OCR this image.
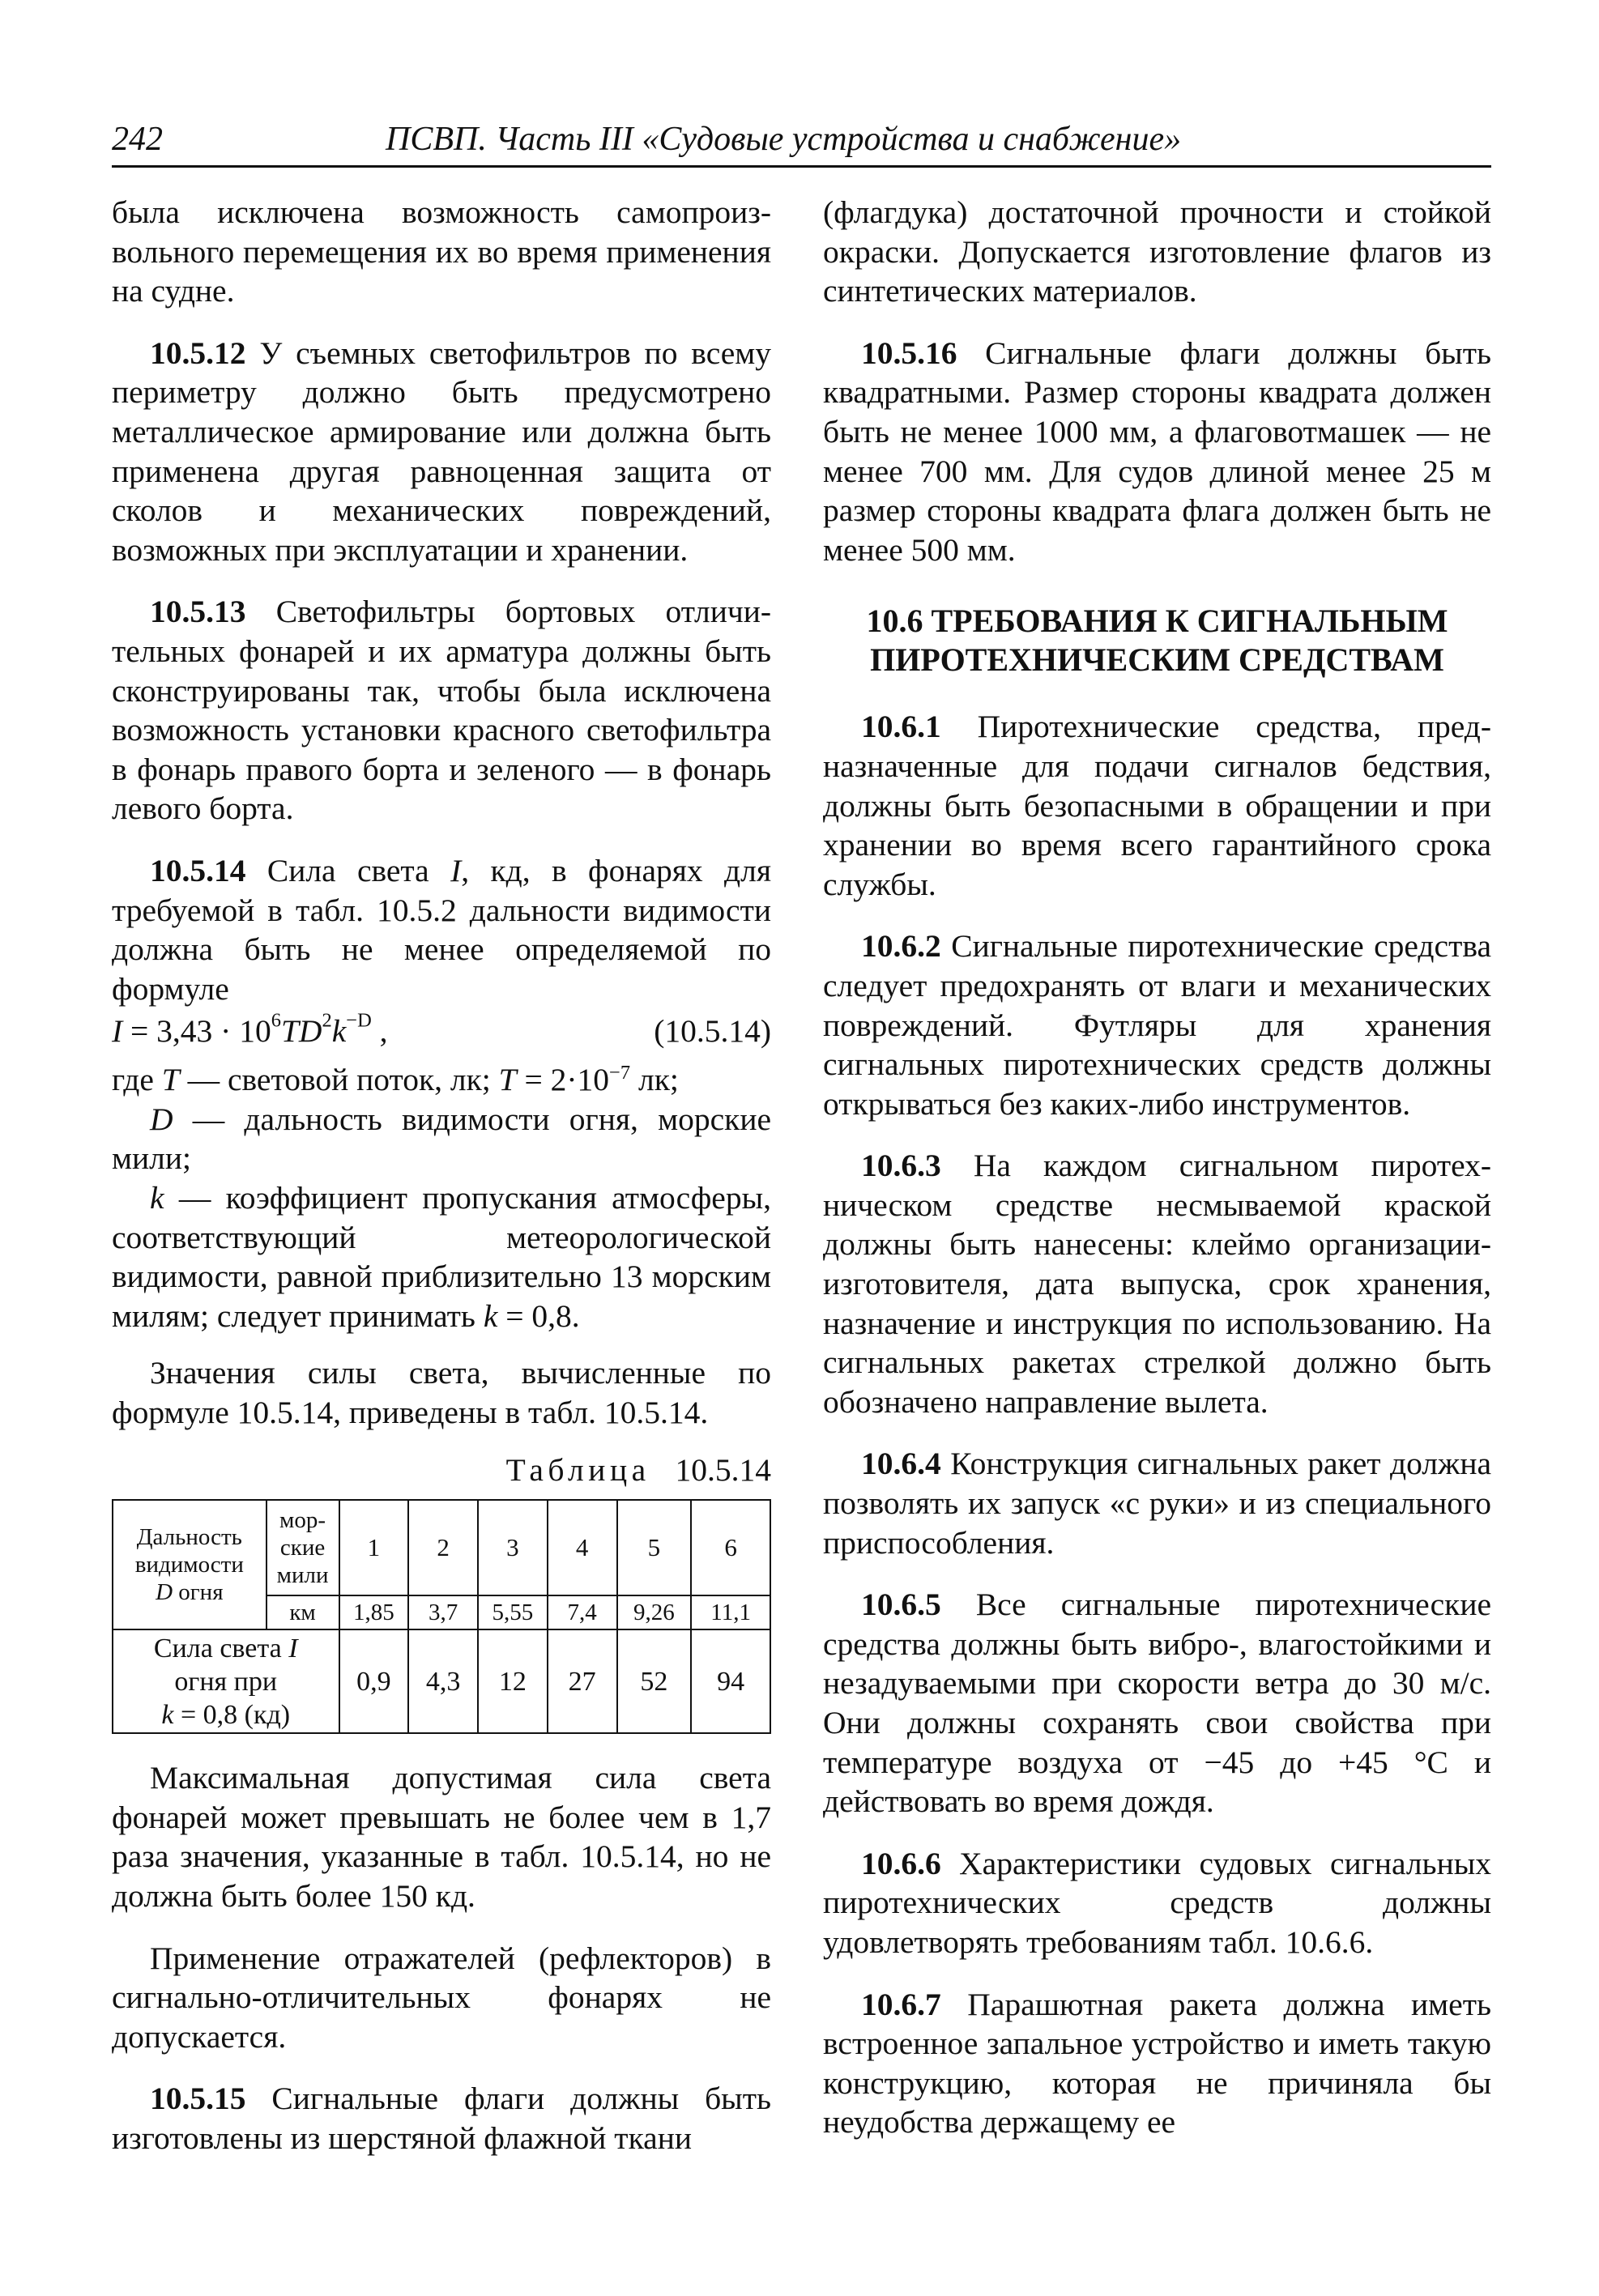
242	ПСВП. Часть III «Судовые устройства и снабжение»

была исключена возможность самопроизвольного перемещения их во время применения на судне.

10.5.12 У съемных светофильтров по всему периметру должно быть предусмотрено металлическое армирование или должна быть применена другая равноценная защита от сколов и механических повреждений, возможных при эксплуатации и хранении.

10.5.13 Светофильтры бортовых отличительных фонарей и их арматура должны быть сконструированы так, чтобы была исключена возможность установки красного светофильтра в фонарь правого борта и зеленого — в фонарь левого борта.

10.5.14 Сила света I, кд, в фонарях для требуемой в табл. 10.5.2 дальности видимости должна быть не менее определяемой по формуле

$I = 3,43 \cdot 10^6TD^2k^{-D}$ ,	(10.5.14)

где T — световой поток, лк; $T = 2\cdot 10^{-7}$ лк;

D — дальность видимости огня, морские мили;

k — коэффициент пропускания атмосферы, соответствующий метеорологической видимости, равной приблизительно 13 морским милям; следует принимать k = 0,8.

Значения силы света, вычисленные по формуле 10.5.14, приведены в табл. 10.5.14.

Таблица 10.5.14
Дальность видимости
D огня	морские мили	1	2	3	4	5	6
	км	1,85	3,7	5,55	7,4	9,26	11,1
Сила света I
огня при
k = 0,8 (кд)		0,9	4,3	12	27	52	94

Максимальная допустимая сила света фонарей может превышать не более чем в 1,7 раза значения, указанные в табл. 10.5.14, но не должна быть более 150 кд.

Применение отражателей (рефлекторов) в сигнально-отличительных фонарях не допускается.

10.5.15 Сигнальные флаги должны быть изготовлены из шерстяной флажной ткани

(флагдука) достаточной прочности и стойкой окраски. Допускается изготовление флагов из синтетических материалов.

10.5.16 Сигнальные флаги должны быть квадратными. Размер стороны квадрата должен быть не менее 1000 мм, а флаговотмашек — не менее 700 мм. Для судов длиной менее 25 м размер стороны квадрата флага должен быть не менее 500 мм.

10.6 ТРЕБОВАНИЯ К СИГНАЛЬНЫМ ПИРОТЕХНИЧЕСКИМ СРЕДСТВАМ

10.6.1 Пиротехнические средства, предназначенные для подачи сигналов бедствия, должны быть безопасными в обращении и при хранении во время всего гарантийного срока службы.

10.6.2 Сигнальные пиротехнические средства следует предохранять от влаги и механических повреждений. Футляры для хранения сигнальных пиротехнических средств должны открываться без каких-либо инструментов.

10.6.3 На каждом сигнальном пиротехническом средстве несмываемой краской должны быть нанесены: клеймо организации-изготовителя, дата выпуска, срок хранения, назначение и инструкция по использованию. На сигнальных ракетах стрелкой должно быть обозначено направление вылета.

10.6.4 Конструкция сигнальных ракет должна позволять их запуск «с руки» и из специального приспособления.

10.6.5 Все сигнальные пиротехнические средства должны быть вибро-, влагостойкими и незадуваемыми при скорости ветра до 30 м/с. Они должны сохранять свои свойства при температуре воздуха от −45 до +45 °С и действовать во время дождя.

10.6.6 Характеристики судовых сигнальных пиротехнических средств должны удовлетворять требованиям табл. 10.6.6.

10.6.7 Парашютная ракета должна иметь встроенное запальное устройство и иметь такую конструкцию, которая не причиняла бы неудобства держащему ее
